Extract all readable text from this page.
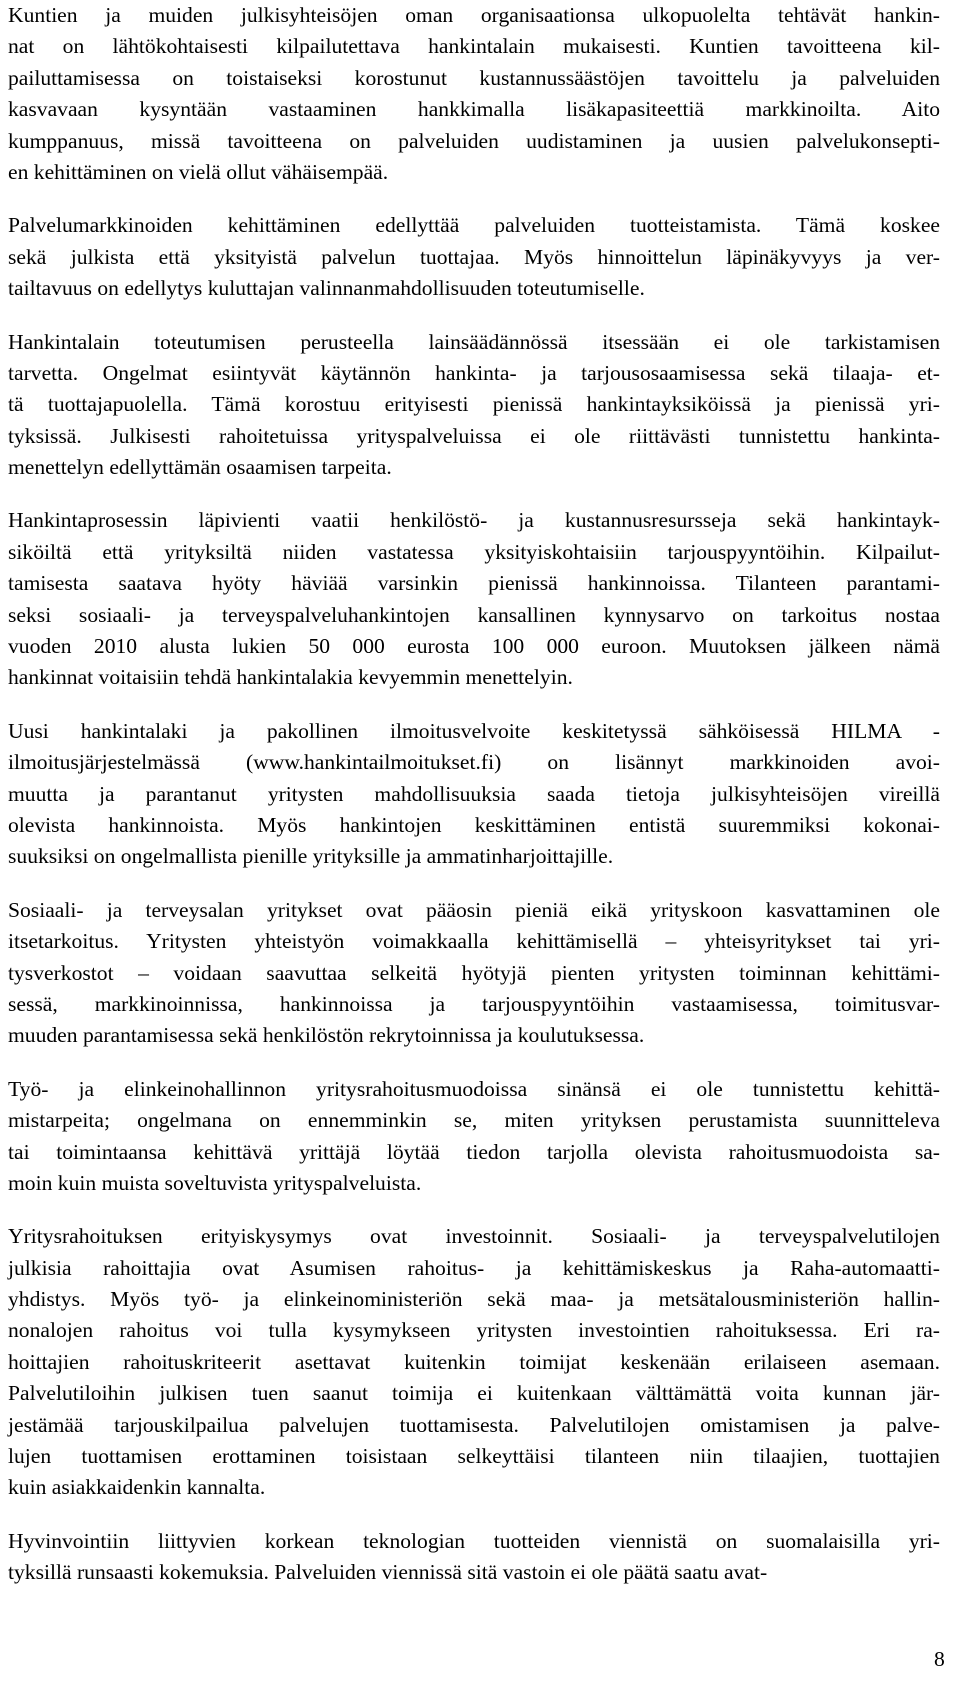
Kuntien ja muiden julkisyhteisöjen oman organisaationsa ulkopuolelta tehtävät hankin-
nat on lähtökohtaisesti kilpailutettava hankintalain mukaisesti. Kuntien tavoitteena kil-
pailuttamisessa on toistaiseksi korostunut kustannussäästöjen tavoittelu ja palveluiden
kasvavaan kysyntään vastaaminen hankkimalla lisäkapasiteettiä markkinoilta. Aito
kumppanuus, missä tavoitteena on palveluiden uudistaminen ja uusien palvelukonsepti-
en kehittäminen on vielä ollut vähäisempää.

Palvelumarkkinoiden kehittäminen edellyttää palveluiden tuotteistamista. Tämä koskee
sekä julkista että yksityistä palvelun tuottajaa. Myös hinnoittelun läpinäkyvyys ja ver-
tailtavuus on edellytys kuluttajan valinnanmahdollisuuden toteutumiselle.

Hankintalain toteutumisen perusteella lainsäädännössä itsessään ei ole tarkistamisen
tarvetta. Ongelmat esiintyvät käytännön hankinta- ja tarjousosaamisessa sekä tilaaja- et-
tä tuottajapuolella. Tämä korostuu erityisesti pienissä hankintayksiköissä ja pienissä yri-
tyksissä. Julkisesti rahoitetuissa yrityspalveluissa ei ole riittävästi tunnistettu hankinta-
menettelyn edellyttämän osaamisen tarpeita.

Hankintaprosessin läpivienti vaatii henkilöstö- ja kustannusresursseja sekä hankintayk-
siköiltä että yrityksiltä niiden vastatessa yksityiskohtaisiin tarjouspyyntöihin. Kilpailut-
tamisesta saatava hyöty häviää varsinkin pienissä hankinnoissa. Tilanteen parantami-
seksi sosiaali- ja terveyspalveluhankintojen kansallinen kynnysarvo on tarkoitus nostaa
vuoden 2010 alusta lukien 50 000 eurosta 100 000 euroon. Muutoksen jälkeen nämä
hankinnat voitaisiin tehdä hankintalakia kevyemmin menettelyin.

Uusi hankintalaki ja pakollinen ilmoitusvelvoite keskitetyssä sähköisessä HILMA -
ilmoitusjärjestelmässä (www.hankintailmoitukset.fi) on lisännyt markkinoiden avoi-
muutta ja parantanut yritysten mahdollisuuksia saada tietoja julkisyhteisöjen vireillä
olevista hankinnoista. Myös hankintojen keskittäminen entistä suuremmiksi kokonai-
suuksiksi on ongelmallista pienille yrityksille ja ammatinharjoittajille.

Sosiaali- ja terveysalan yritykset ovat pääosin pieniä eikä yrityskoon kasvattaminen ole
itsetarkoitus. Yritysten yhteistyön voimakkaalla kehittämisellä – yhteisyritykset tai yri-
tysverkostot – voidaan saavuttaa selkeitä hyötyjä pienten yritysten toiminnan kehittämi-
sessä, markkinoinnissa, hankinnoissa ja tarjouspyyntöihin vastaamisessa, toimitusvar-
muuden parantamisessa sekä henkilöstön rekrytoinnissa ja koulutuksessa.

Työ- ja elinkeinohallinnon yritysrahoitusmuodoissa sinänsä ei ole tunnistettu kehittä-
mistarpeita; ongelmana on ennemminkin se, miten yrityksen perustamista suunnitteleva
tai toimintaansa kehittävä yrittäjä löytää tiedon tarjolla olevista rahoitusmuodoista sa-
moin kuin muista soveltuvista yrityspalveluista.

Yritysrahoituksen erityiskysymys ovat investoinnit. Sosiaali- ja terveyspalvelutilojen
julkisia rahoittajia ovat Asumisen rahoitus- ja kehittämiskeskus ja Raha-automaatti-
yhdistys. Myös työ- ja elinkeinoministeriön sekä maa- ja metsätalousministeriön hallin-
nonalojen rahoitus voi tulla kysymykseen yritysten investointien rahoituksessa. Eri ra-
hoittajien rahoituskriteerit asettavat kuitenkin toimijat keskenään erilaiseen asemaan.
Palvelutiloihin julkisen tuen saanut toimija ei kuitenkaan välttämättä voita kunnan jär-
jestämää tarjouskilpailua palvelujen tuottamisesta. Palvelutilojen omistamisen ja palve-
lujen tuottamisen erottaminen toisistaan selkeyttäisi tilanteen niin tilaajien, tuottajien
kuin asiakkaidenkin kannalta.

Hyvinvointiin liittyvien korkean teknologian tuotteiden viennistä on suomalaisilla yri-
tyksillä runsaasti kokemuksia. Palveluiden viennissä sitä vastoin ei ole päätä saatu avat-

8
